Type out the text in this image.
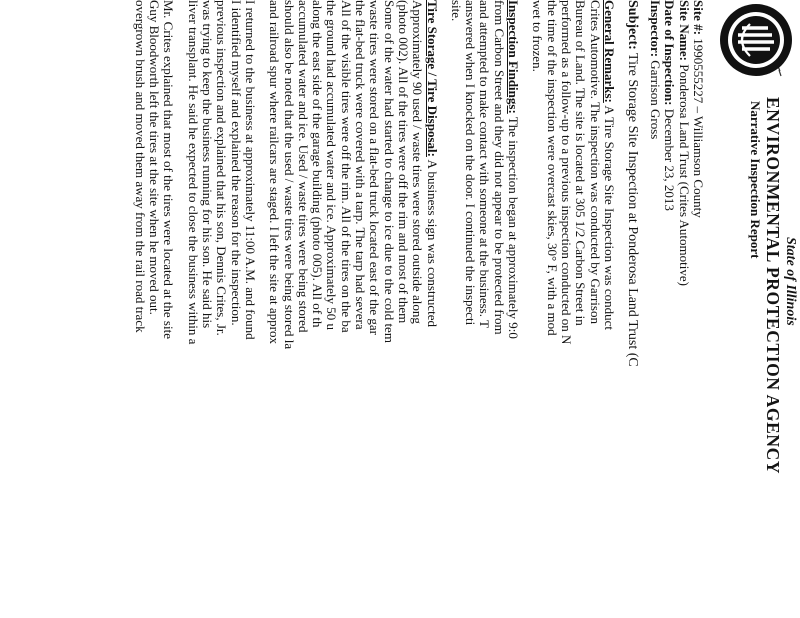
State of Illinois
ENVIRONMENTAL PROTECTION AGENCY
Narrative Inspection Report

Site #: 1990555227 – Williamson County

Site Name: Ponderosa Land Trust (Crites Automotive)

Date of Inspection: December 23, 2013

Inspector: Garrison Gross

Subject: Tire Storage Site Inspection at Ponderosa Land Trust (C

General Remarks: A Tire Storage Site Inspection was conduct

Crites Automotive. The inspection was conducted by Garrison

Bureau of Land. The site is located at 305 1/2 Carbon Street in

performed as a follow-up to a previous inspection conducted on N

the time of the inspection were overcast skies, 30° F, with a mod

wet to frozen.

Inspection Findings: The inspection began at approximately 9:0

from Carbon Street and they did not appear to be protected from

and attempted to make contact with someone at the business. T

answered when I knocked on the door. I continued the inspecti

site.

Tire Storage / Tire Disposal: A business sign was constructed

Approximately 90 used / waste tires were stored outside along

(photo 002). All of the tires were off the rim and most of them

Some of the water had started to change to ice due to the cold tem

waste tires were stored on a flat-bed truck located east of the gar

the flat-bed truck were covered with a tarp. The tarp had severa

All of the visible tires were off the rim. All of the tires on the ba

the ground had accumulated water and ice. Approximately 50 u

along the east side of the garage building (photo 005). All of th

accumulated water and ice. Used / waste tires were being stored

should also be noted that the used / waste tires were being stored la

and railroad spur where railcars are staged. I left the site at approx

I returned to the business at approximately 11:00 A.M. and found

I identified myself and explained the reason for the inspection.

previous inspection and explained that his son, Dennis Crites, Jr.

was trying to keep the business running for his son. He said his

liver transplant. He said he expected to close the business within a

Mr. Crites explained that most of the tires were located at the site

Guy Bloodworth left the tires at the site when he moved out.

overgrown brush and moved them away from the rail road track
